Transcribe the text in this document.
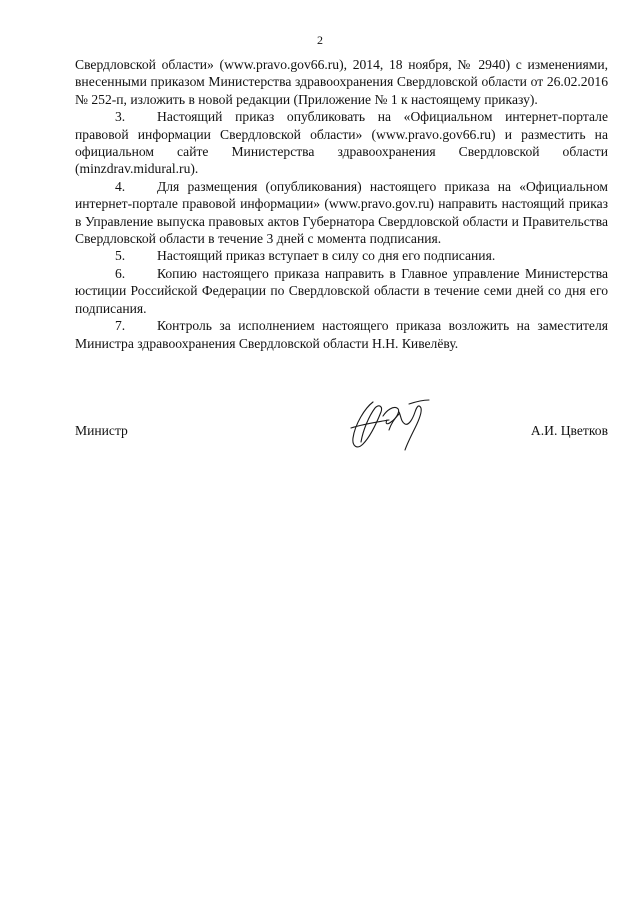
2

Свердловской области» (www.pravo.gov66.ru), 2014, 18 ноября, № 2940) с изменениями, внесенными приказом Министерства здравоохранения Свердловской области от 26.02.2016 № 252-п, изложить в новой редакции (Приложение № 1 к настоящему приказу).

3. Настоящий приказ опубликовать на «Официальном интернет-портале правовой информации Свердловской области» (www.pravo.gov66.ru) и разместить на официальном сайте Министерства здравоохранения Свердловской области (minzdrav.midural.ru).

4. Для размещения (опубликования) настоящего приказа на «Официальном интернет-портале правовой информации» (www.pravo.gov.ru) направить настоящий приказ в Управление выпуска правовых актов Губернатора Свердловской области и Правительства Свердловской области в течение 3 дней с момента подписания.

5. Настоящий приказ вступает в силу со дня его подписания.

6. Копию настоящего приказа направить в Главное управление Министерства юстиции Российской Федерации по Свердловской области в течение семи дней со дня его подписания.

7. Контроль за исполнением настоящего приказа возложить на заместителя Министра здравоохранения Свердловской области Н.Н. Кивелёву.

Министр	А.И. Цветков
